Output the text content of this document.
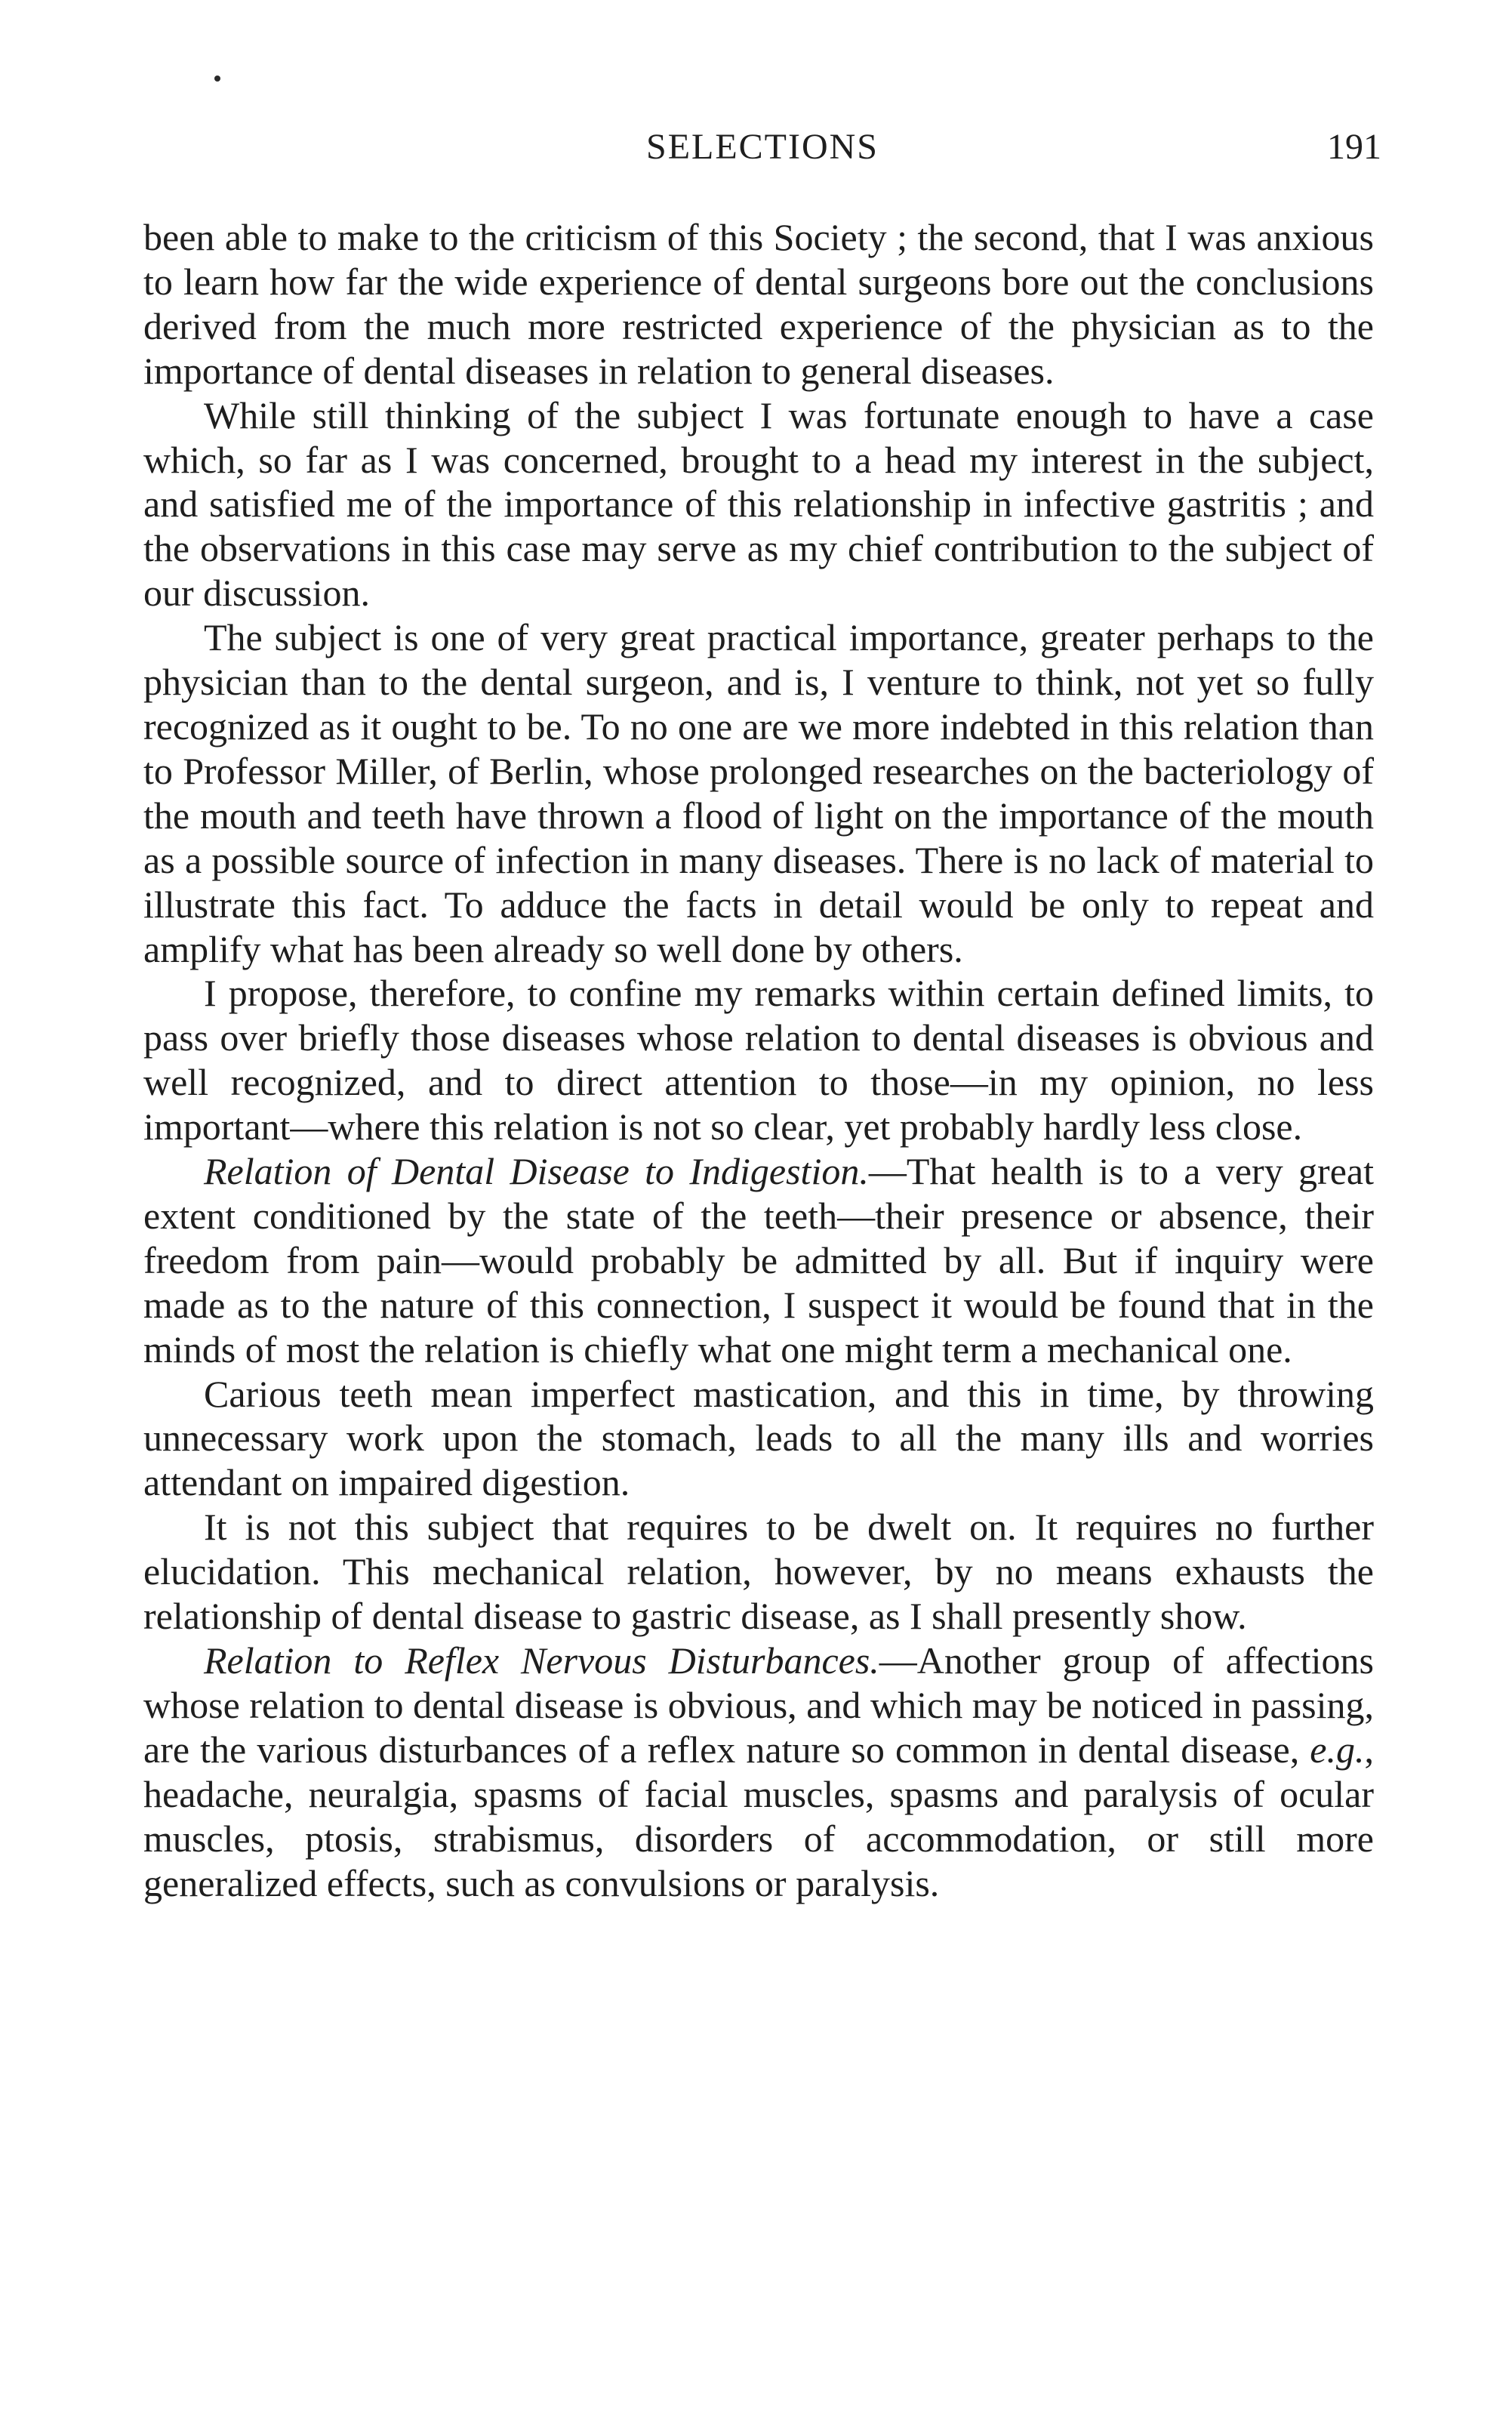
SELECTIONS	191

been able to make to the criticism of this Society ; the second, that I was anxious to learn how far the wide experience of dental surgeons bore out the conclusions derived from the much more restricted experience of the physician as to the importance of dental diseases in relation to general diseases.

While still thinking of the subject I was fortunate enough to have a case which, so far as I was concerned, brought to a head my interest in the subject, and satisfied me of the importance of this relationship in infective gastritis ; and the observations in this case may serve as my chief contribution to the subject of our discussion.

The subject is one of very great practical importance, greater perhaps to the physician than to the dental surgeon, and is, I venture to think, not yet so fully recognized as it ought to be. To no one are we more indebted in this relation than to Professor Miller, of Berlin, whose prolonged researches on the bacteriology of the mouth and teeth have thrown a flood of light on the importance of the mouth as a possible source of infection in many diseases. There is no lack of material to illustrate this fact. To adduce the facts in detail would be only to repeat and amplify what has been already so well done by others.

I propose, therefore, to confine my remarks within certain defined limits, to pass over briefly those diseases whose relation to dental diseases is obvious and well recognized, and to direct attention to those—in my opinion, no less important—where this relation is not so clear, yet probably hardly less close.

Relation of Dental Disease to Indigestion.—That health is to a very great extent conditioned by the state of the teeth—their presence or absence, their freedom from pain—would probably be admitted by all. But if inquiry were made as to the nature of this connection, I suspect it would be found that in the minds of most the relation is chiefly what one might term a mechanical one.

Carious teeth mean imperfect mastication, and this in time, by throwing unnecessary work upon the stomach, leads to all the many ills and worries attendant on impaired digestion.

It is not this subject that requires to be dwelt on. It requires no further elucidation. This mechanical relation, however, by no means exhausts the relationship of dental disease to gastric disease, as I shall presently show.

Relation to Reflex Nervous Disturbances.—Another group of affections whose relation to dental disease is obvious, and which may be noticed in passing, are the various disturbances of a reflex nature so common in dental disease, e.g., headache, neuralgia, spasms of facial muscles, spasms and paralysis of ocular muscles, ptosis, strabismus, disorders of accommodation, or still more generalized effects, such as convulsions or paralysis.
